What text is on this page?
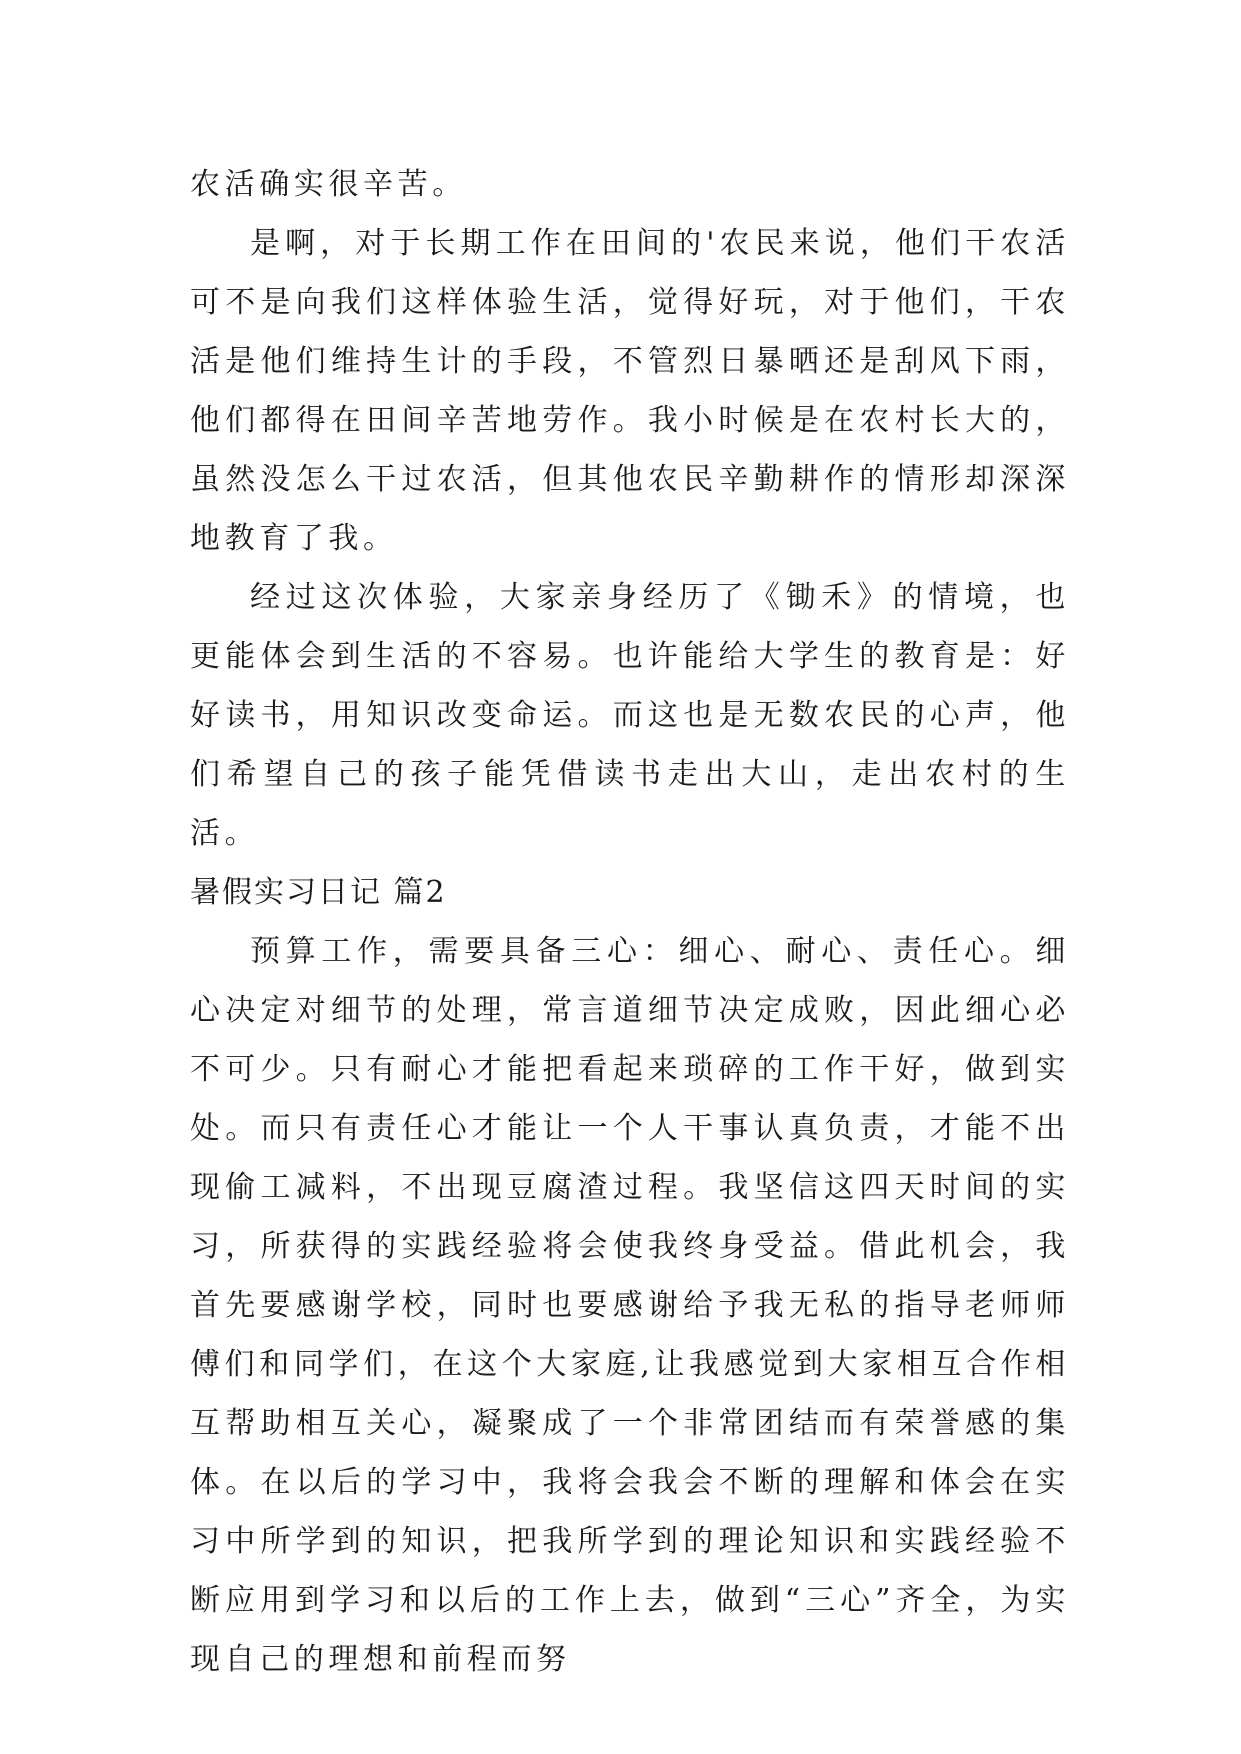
农活确实很辛苦。

是啊，对于长期工作在田间的'农民来说，他们干农活可不是向我们这样体验生活，觉得好玩，对于他们，干农活是他们维持生计的手段，不管烈日暴晒还是刮风下雨，他们都得在田间辛苦地劳作。我小时候是在农村长大的，虽然没怎么干过农活，但其他农民辛勤耕作的情形却深深地教育了我。

经过这次体验，大家亲身经历了《锄禾》的情境，也更能体会到生活的不容易。也许能给大学生的教育是：好好读书，用知识改变命运。而这也是无数农民的心声，他们希望自己的孩子能凭借读书走出大山，走出农村的生活。

暑假实习日记 篇2

预算工作，需要具备三心：细心、耐心、责任心。细心决定对细节的处理，常言道细节决定成败，因此细心必不可少。只有耐心才能把看起来琐碎的工作干好，做到实处。而只有责任心才能让一个人干事认真负责，才能不出现偷工减料，不出现豆腐渣过程。我坚信这四天时间的实习，所获得的实践经验将会使我终身受益。借此机会，我首先要感谢学校，同时也要感谢给予我无私的指导老师师傅们和同学们，在这个大家庭,让我感觉到大家相互合作相互帮助相互关心，凝聚成了一个非常团结而有荣誉感的集体。在以后的学习中，我将会我会不断的理解和体会在实习中所学到的知识，把我所学到的理论知识和实践经验不断应用到学习和以后的工作上去，做到“三心”齐全，为实现自己的理想和前程而努
